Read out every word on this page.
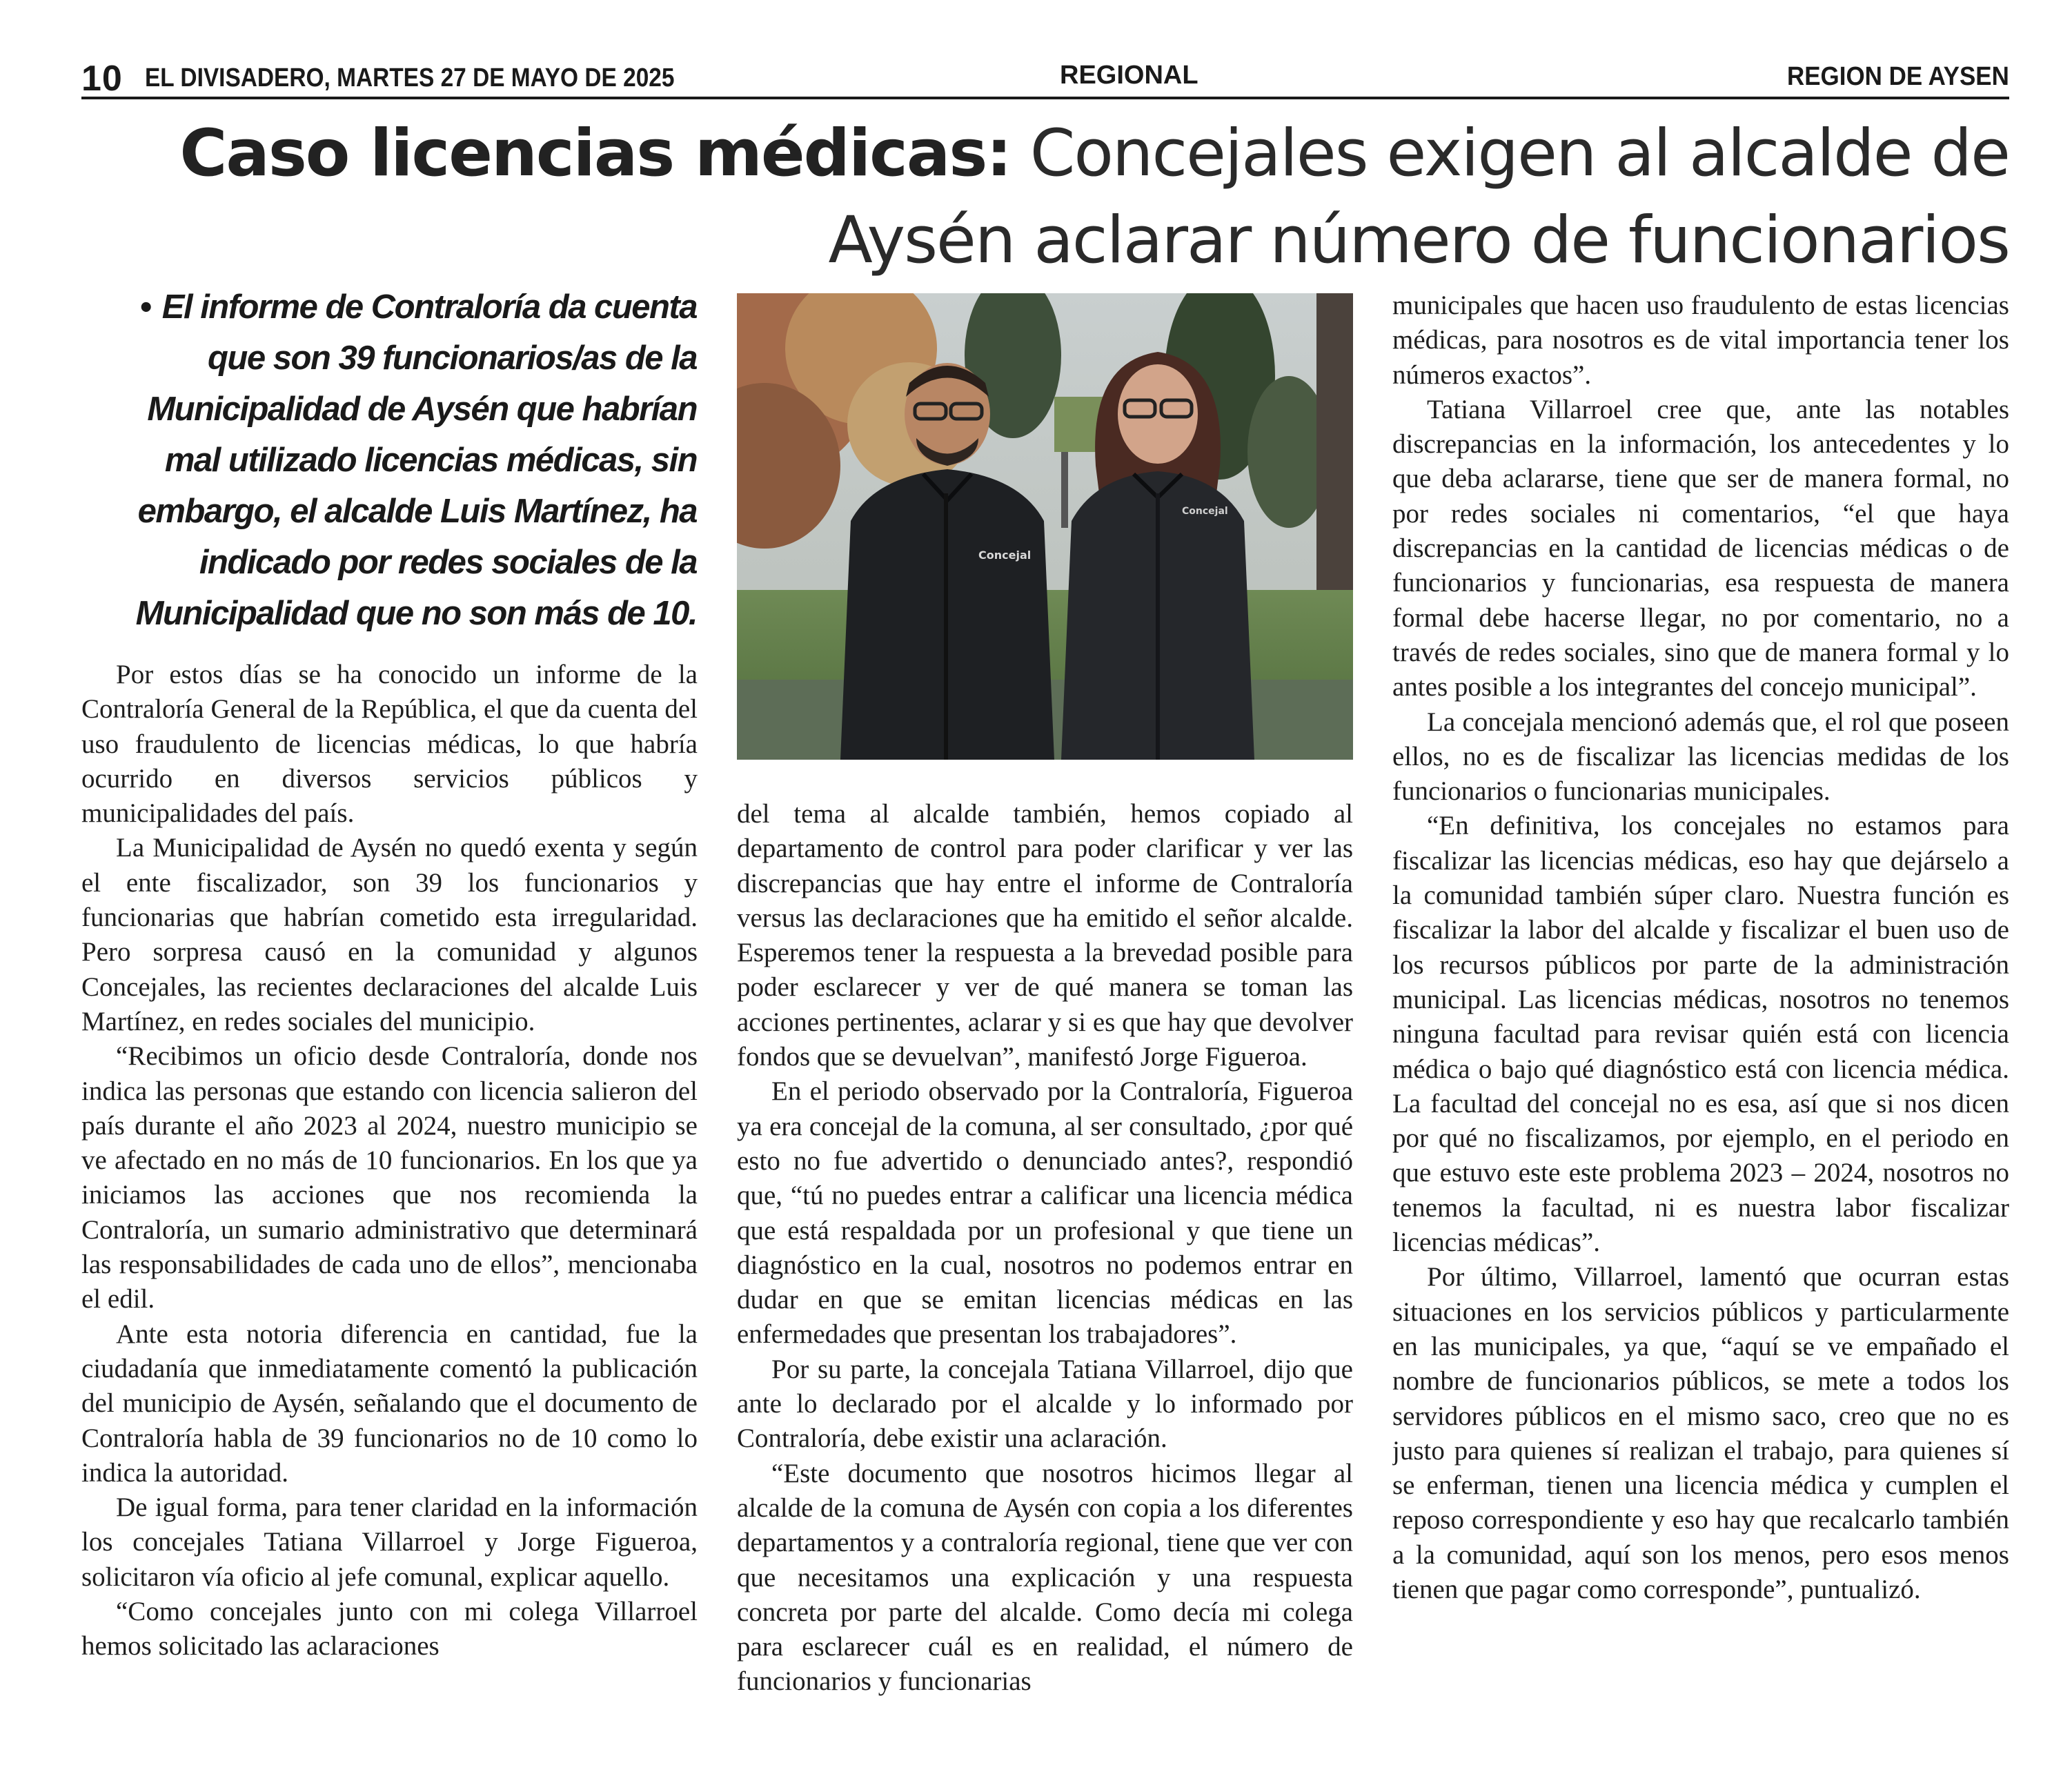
10 EL DIVISADERO, MARTES 27 DE MAYO DE 2025	REGIONAL	REGION DE AYSEN
Caso licencias médicas: Concejales exigen al alcalde de
Aysén aclarar número de funcionarios
• El informe de Contraloría da cuenta que son 39 funcionarios/as de la Municipalidad de Aysén que habrían mal utilizado licencias médicas, sin embargo, el alcalde Luis Martínez, ha indicado por redes sociales de la Municipalidad que no son más de 10.
Concejal
Concejal

Por estos días se ha conocido un informe de la Contraloría General de la República, el que da cuenta del uso fraudulento de licencias médicas, lo que habría ocurrido en diversos servicios públicos y municipalidades del país.

La Municipalidad de Aysén no quedó exenta y según el ente fiscalizador, son 39 los funcionarios y funcionarias que habrían cometido esta irregularidad. Pero sorpresa causó en la comunidad y algunos Concejales, las recientes declaraciones del alcalde Luis Martínez, en redes sociales del municipio.

“Recibimos un oficio desde Contraloría, donde nos indica las personas que estando con licencia salieron del país durante el año 2023 al 2024, nuestro municipio se ve afectado en no más de 10 funcionarios. En los que ya iniciamos las acciones que nos recomienda la Contraloría, un sumario administrativo que determinará las responsabilidades de cada uno de ellos”, mencionaba el edil.

Ante esta notoria diferencia en cantidad, fue la ciudadanía que inmediatamente comentó la publicación del municipio de Aysén, señalando que el documento de Contraloría habla de 39 funcionarios no de 10 como lo indica la autoridad.

De igual forma, para tener claridad en la información los concejales Tatiana Villarroel y Jorge Figueroa, solicitaron vía oficio al jefe comunal, explicar aquello.

“Como concejales junto con mi colega Villarroel hemos solicitado las aclaraciones

del tema al alcalde también, hemos copiado al departamento de control para poder clarificar y ver las discrepancias que hay entre el informe de Contraloría versus las declaraciones que ha emitido el señor alcalde. Esperemos tener la respuesta a la brevedad posible para poder esclarecer y ver de qué manera se toman las acciones pertinentes, aclarar y si es que hay que devolver fondos que se devuelvan”, manifestó Jorge Figueroa.

En el periodo observado por la Contraloría, Figueroa ya era concejal de la comuna, al ser consultado, ¿por qué esto no fue advertido o denunciado antes?, respondió que, “tú no puedes entrar a calificar una licencia médica que está respaldada por un profesional y que tiene un diagnóstico en la cual, nosotros no podemos entrar en dudar en que se emitan licencias médicas en las enfermedades que presentan los trabajadores”.

Por su parte, la concejala Tatiana Villarroel, dijo que ante lo declarado por el alcalde y lo informado por Contraloría, debe existir una aclaración.

“Este documento que nosotros hicimos llegar al alcalde de la comuna de Aysén con copia a los diferentes departamentos y a contraloría regional, tiene que ver con que necesitamos una explicación y una respuesta concreta por parte del alcalde. Como decía mi colega para esclarecer cuál es en realidad, el número de funcionarios y funcionarias

municipales que hacen uso fraudulento de estas licencias médicas, para nosotros es de vital importancia tener los números exactos”.

Tatiana Villarroel cree que, ante las notables discrepancias en la información, los antecedentes y lo que deba aclararse, tiene que ser de manera formal, no por redes sociales ni comentarios, “el que haya discrepancias en la cantidad de licencias médicas o de funcionarios y funcionarias, esa respuesta de manera formal debe hacerse llegar, no por comentario, no a través de redes sociales, sino que de manera formal y lo antes posible a los integrantes del concejo municipal”.

La concejala mencionó además que, el rol que poseen ellos, no es de fiscalizar las licencias medidas de los funcionarios o funcionarias municipales.

“En definitiva, los concejales no estamos para fiscalizar las licencias médicas, eso hay que dejárselo a la comunidad también súper claro. Nuestra función es fiscalizar la labor del alcalde y fiscalizar el buen uso de los recursos públicos por parte de la administración municipal. Las licencias médicas, nosotros no tenemos ninguna facultad para revisar quién está con licencia médica o bajo qué diagnóstico está con licencia médica. La facultad del concejal no es esa, así que si nos dicen por qué no fiscalizamos, por ejemplo, en el periodo en que estuvo este este problema 2023 – 2024, nosotros no tenemos la facultad, ni es nuestra labor fiscalizar licencias médicas”.

Por último, Villarroel, lamentó que ocurran estas situaciones en los servicios públicos y particularmente en las municipales, ya que, “aquí se ve empañado el nombre de funcionarios públicos, se mete a todos los servidores públicos en el mismo saco, creo que no es justo para quienes sí realizan el trabajo, para quienes sí se enferman, tienen una licencia médica y cumplen el reposo correspondiente y eso hay que recalcarlo también a la comunidad, aquí son los menos, pero esos menos tienen que pagar como corresponde”, puntualizó.
